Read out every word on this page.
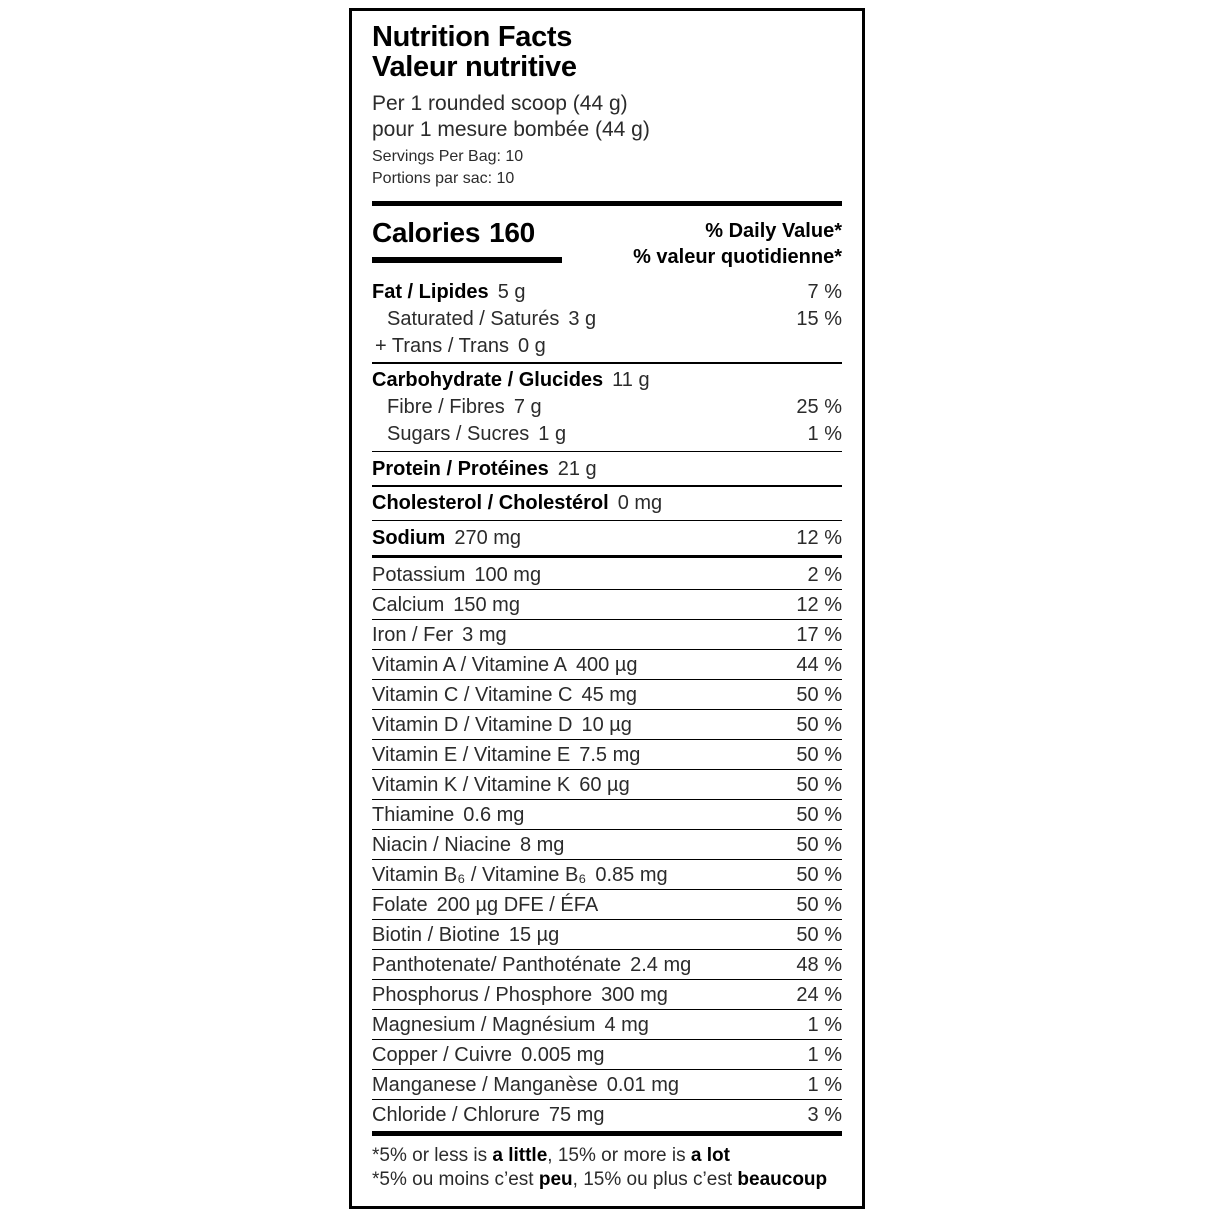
Nutrition Facts
Valeur nutritive
Per 1 rounded scoop (44 g)
pour 1 mesure bombée (44 g)
Servings Per Bag: 10
Portions par sac: 10
Calories 160	% Daily Value*
% valeur quotidienne*
Fat / Lipides 5 g	7 %
Saturated / Saturés 3 g	15 %
+ Trans / Trans 0 g
Carbohydrate / Glucides 11 g
Fibre / Fibres 7 g	25 %
Sugars / Sucres 1 g	1 %
Protein / Protéines 21 g
Cholesterol / Cholestérol 0 mg
Sodium 270 mg	12 %
Potassium 100 mg	2 %
Calcium 150 mg	12 %
Iron / Fer 3 mg	17 %
Vitamin A / Vitamine A 400 µg	44 %
Vitamin C / Vitamine C 45 mg	50 %
Vitamin D / Vitamine D 10 µg	50 %
Vitamin E / Vitamine E 7.5 mg	50 %
Vitamin K / Vitamine K 60 µg	50 %
Thiamine 0.6 mg	50 %
Niacin / Niacine 8 mg	50 %
Vitamin B₆ / Vitamine B₆ 0.85 mg	50 %
Folate 200 µg DFE / ÉFA	50 %
Biotin / Biotine 15 µg	50 %
Panthotenate/ Panthoténate 2.4 mg	48 %
Phosphorus / Phosphore 300 mg	24 %
Magnesium / Magnésium 4 mg	1 %
Copper / Cuivre 0.005 mg	1 %
Manganese / Manganèse 0.01 mg	1 %
Chloride / Chlorure 75 mg	3 %
*5% or less is a little, 15% or more is a lot
*5% ou moins c’est peu, 15% ou plus c’est beaucoup
